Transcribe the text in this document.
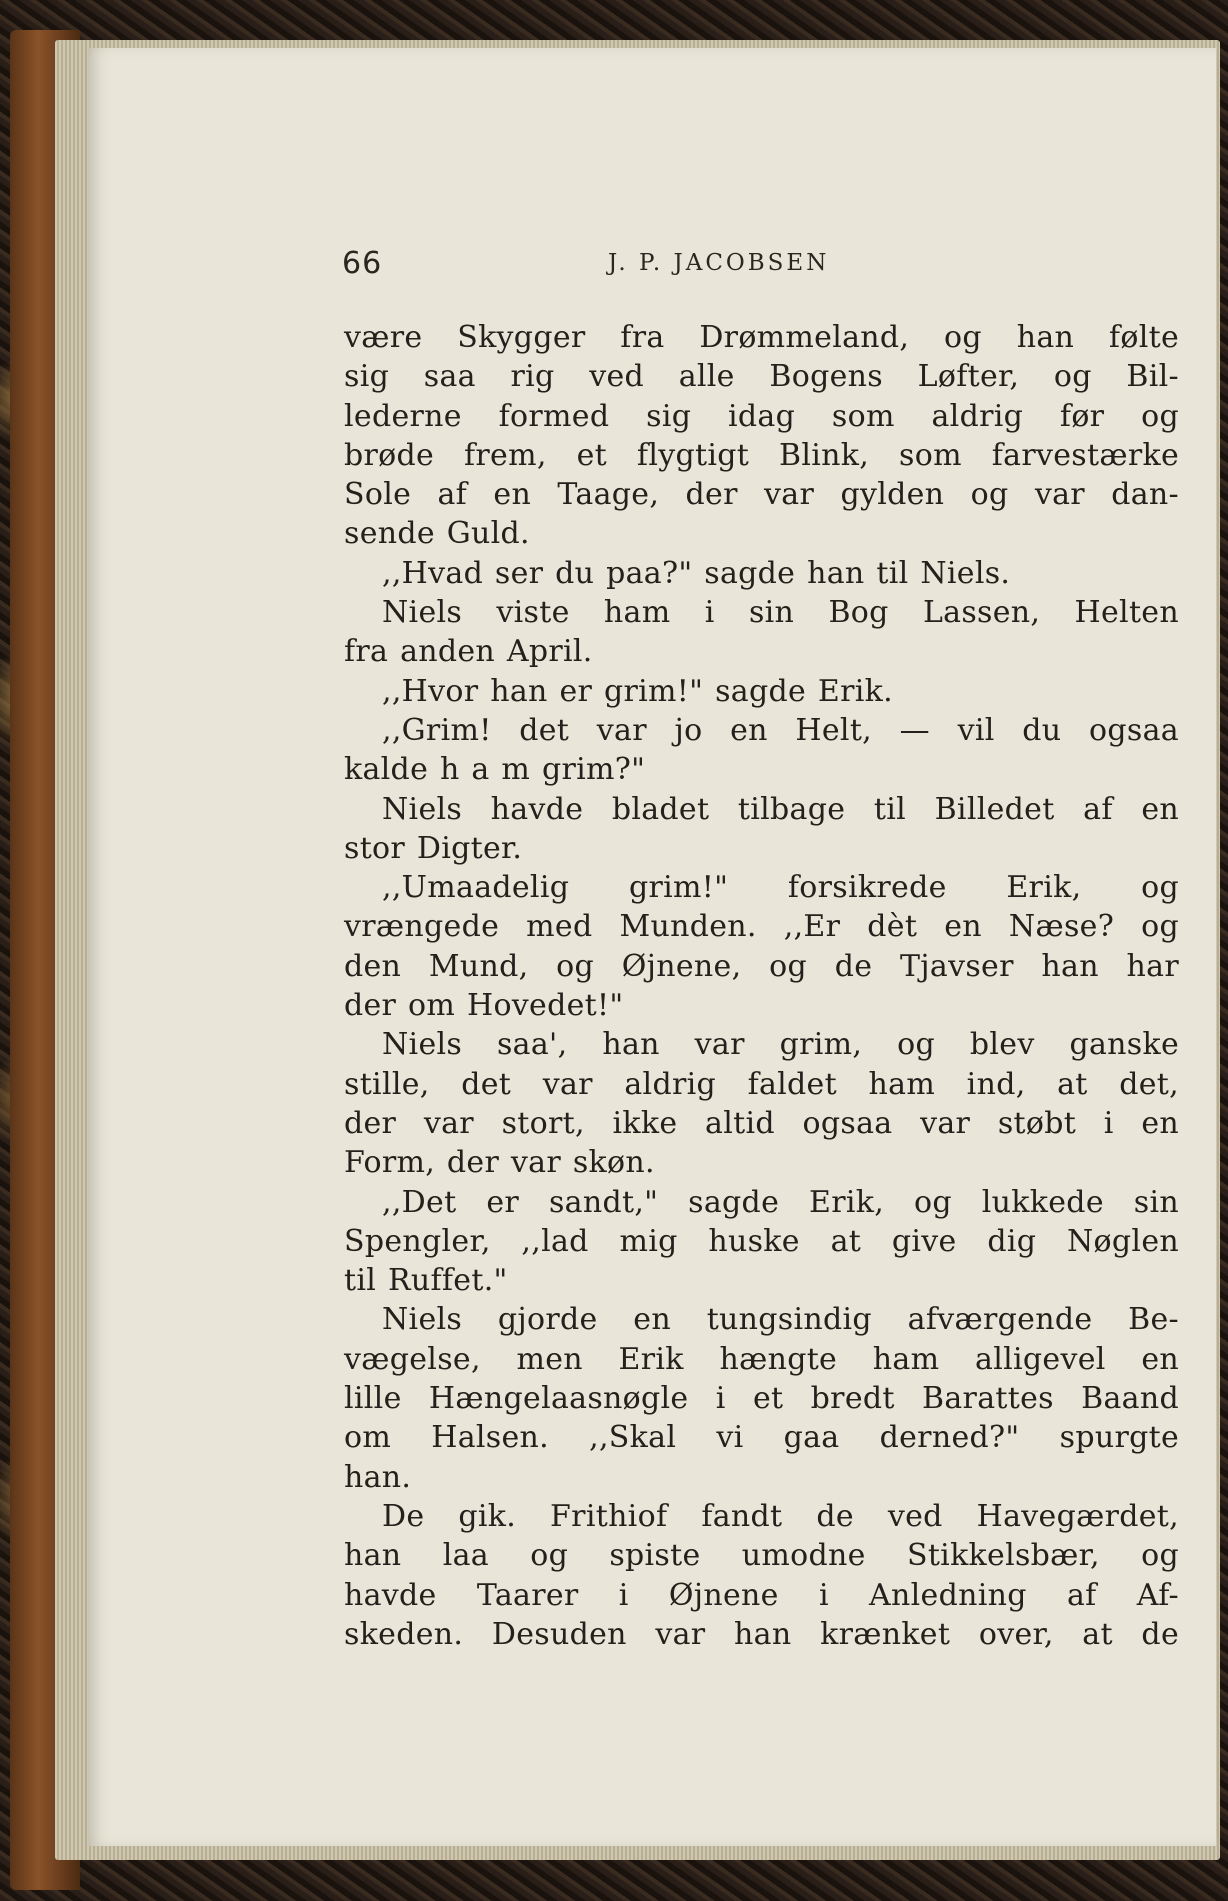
66	J. P. JACOBSEN
være Skygger fra Drømmeland, og han følte
sig saa rig ved alle Bogens Løfter, og Bil-
lederne formed sig idag som aldrig før og
brøde frem, et flygtigt Blink, som farvestærke
Sole af en Taage, der var gylden og var dan-
sende Guld.
,,Hvad ser du paa?" sagde han til Niels.
Niels viste ham i sin Bog Lassen, Helten
fra anden April.
,,Hvor han er grim!" sagde Erik.
,,Grim! det var jo en Helt, — vil du ogsaa
kalde h a m grim?"
Niels havde bladet tilbage til Billedet af en
stor Digter.
,,Umaadelig grim!" forsikrede Erik, og
vrængede med Munden. ,,Er dèt en Næse? og
den Mund, og Øjnene, og de Tjavser han har
der om Hovedet!"
Niels saa', han var grim, og blev ganske
stille, det var aldrig faldet ham ind, at det,
der var stort, ikke altid ogsaa var støbt i en
Form, der var skøn.
,,Det er sandt," sagde Erik, og lukkede sin
Spengler, ,,lad mig huske at give dig Nøglen
til Ruffet."
Niels gjorde en tungsindig afværgende Be-
vægelse, men Erik hængte ham alligevel en
lille Hængelaasnøgle i et bredt Barattes Baand
om Halsen. ,,Skal vi gaa derned?" spurgte
han.
De gik. Frithiof fandt de ved Havegærdet,
han laa og spiste umodne Stikkelsbær, og
havde Taarer i Øjnene i Anledning af Af-
skeden. Desuden var han krænket over, at de
